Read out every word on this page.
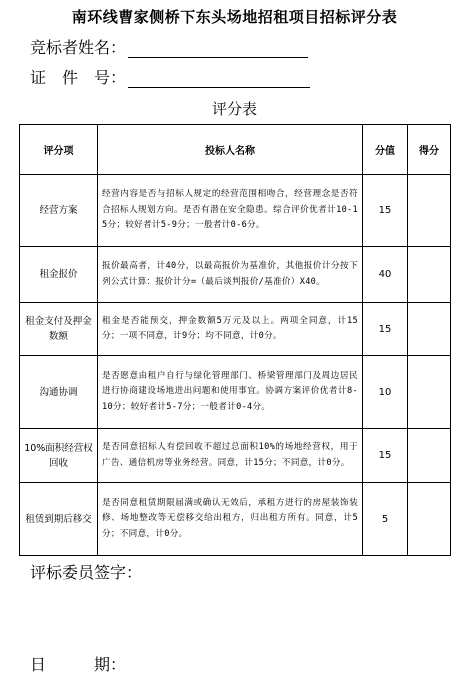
南环线曹家侧桥下东头场地招租项目招标评分表
竞标者姓名：
证　件　号：
评分表
评分项	投标人名称	分值	得分
经营方案	经营内容是否与招标人规定的经营范围相吻合，经营理念是否符合招标人规划方向。是否有潜在安全隐患。综合评价优者计10-15分；较好者计5-9分；一般者计0-6分。	15	
租金报价	报价最高者，计40分，以最高报价为基准价，其他报价计分按下列公式计算：报价计分=（最后谈判报价/基准价）X40。	40	
租金支付及押金数额	租金是否能预交，押金数额5万元及以上。两项全同意，计15分；一项不同意，计9分；均不同意，计0分。	15	
沟通协调	是否愿意由租户自行与绿化管理部门、桥梁管理部门及周边居民进行协商建设场地进出问题和使用事宜。协调方案评价优者计8-10分；较好者计5-7分；一般者计0-4分。	10	
10%面积经营权回收	是否同意招标人有偿回收不超过总面积10%的场地经营权，用于广告、通信机房等业务经营。同意，计15分；不同意，计0分。	15	
租赁到期后移交	是否同意租赁期限届满或确认无效后，承租方进行的房屋装饰装修、场地整改等无偿移交给出租方，归出租方所有。同意，计5分；不同意，计0分。	5	
评标委员签字：
日　　　期：
